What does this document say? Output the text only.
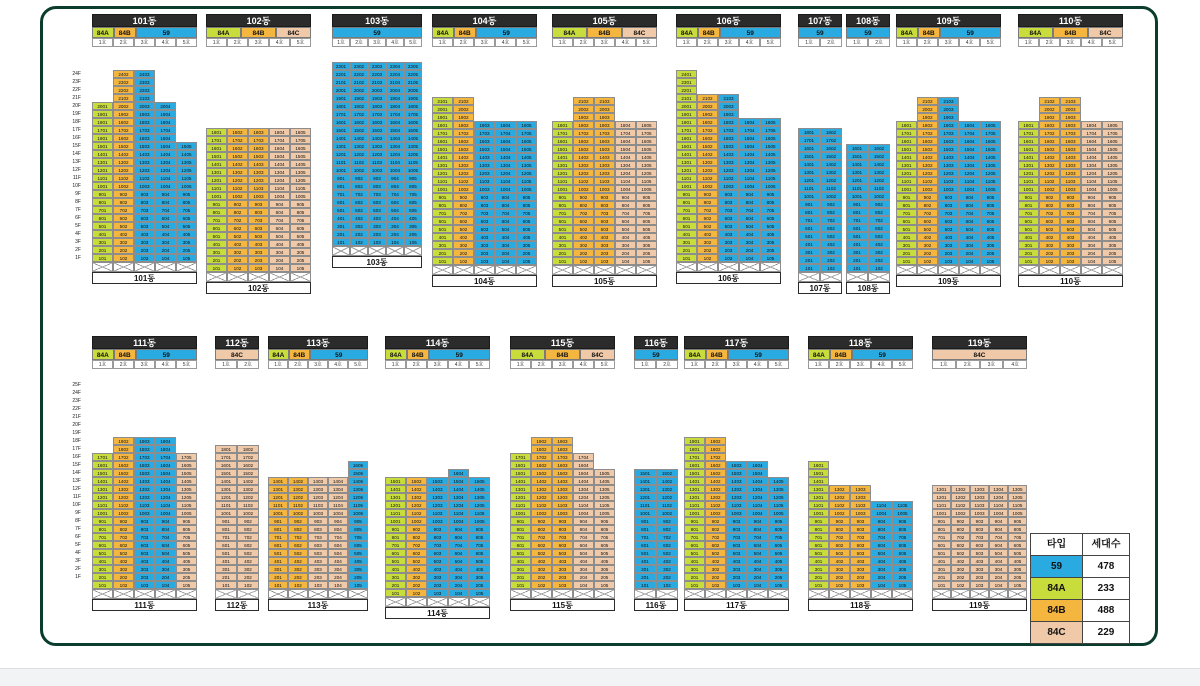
24F
23F
22F
21F
20F
19F
18F
17F
16F
15F
14F
13F
12F
11F
10F
9F
8F
7F
6F
5F
4F
3F
2F
1F
25F
24F
23F
22F
21F
20F
19F
18F
17F
16F
15F
14F
13F
12F
11F
10F
9F
8F
7F
6F
5F
4F
3F
2F
1F
101동
84A	84B	59
1호	2호	3호	4호	5호
2402	2403
2302	2303
2202	2203
2102	2103
2001	2002	2003	2004
1901	1902	1903	1904
1801	1802	1803	1804
1701	1702	1703	1704
1601	1602	1603	1604
1501	1502	1503	1504	1505
1401	1402	1403	1404	1405
1301	1302	1303	1304	1305
1201	1202	1203	1204	1205
1101	1102	1103	1104	1105
1001	1002	1003	1004	1005
901	902	903	904	905
801	802	803	804	805
701	702	703	704	705
601	602	603	604	605
501	502	503	504	505
401	402	403	404	405
301	302	303	304	305
201	202	203	204	205
101	102	103	104	105
101동
102동
84A	84B	84C
1호	2호	3호	4호	5호
1801	1802	1803	1804	1805
1701	1702	1703	1704	1705
1601	1602	1603	1604	1605
1501	1502	1503	1504	1505
1401	1402	1403	1404	1405
1301	1302	1303	1304	1305
1201	1202	1203	1204	1205
1101	1102	1103	1104	1105
1001	1002	1003	1004	1005
901	902	903	904	905
801	802	803	804	805
701	702	703	704	705
601	602	603	604	605
501	502	503	504	505
401	402	403	404	405
301	302	303	304	305
201	202	203	204	205
101	102	103	104	105
102동
103동
59
1호	2호	3호	4호	5호
2301	2302	2303	2304	2305
2201	2202	2203	2204	2205
2101	2102	2103	2104	2105
2001	2002	2003	2004	2005
1901	1902	1903	1904	1905
1801	1802	1803	1804	1805
1701	1702	1703	1704	1705
1601	1602	1603	1604	1605
1501	1502	1503	1504	1505
1401	1402	1403	1404	1405
1301	1302	1303	1304	1305
1201	1202	1203	1204	1205
1101	1102	1103	1104	1105
1001	1002	1003	1004	1005
901	902	903	904	905
801	802	803	804	805
701	702	703	704	705
601	602	603	604	605
501	502	503	504	505
401	402	403	404	405
301	302	303	304	305
201	202	203	204	205
101	102	103	104	105
103동
104동
84A	84B	59
1호	2호	3호	4호	5호
2101	2102
2001	2002
1901	1902
1801	1802	1803	1804	1805
1701	1702	1703	1704	1705
1601	1602	1603	1604	1605
1501	1502	1503	1504	1505
1401	1402	1403	1404	1405
1301	1302	1303	1304	1305
1201	1202	1203	1204	1205
1101	1102	1103	1104	1105
1001	1002	1003	1004	1005
901	902	903	904	905
801	802	803	804	805
701	702	703	704	705
601	602	603	604	605
501	502	503	504	505
401	402	403	404	405
301	302	303	304	305
201	202	203	204	205
101	102	103	104	105
104동
105동
84A	84B	84C
1호	2호	3호	4호	5호
2102	2103
2002	2003
1902	1903
1801	1802	1803	1804	1805
1701	1702	1703	1704	1705
1601	1602	1603	1604	1605
1501	1502	1503	1504	1505
1401	1402	1403	1404	1405
1301	1302	1303	1304	1305
1201	1202	1203	1204	1205
1101	1102	1103	1104	1105
1001	1002	1003	1004	1005
901	902	903	904	905
801	802	803	804	805
701	702	703	704	705
601	602	603	604	605
501	502	503	504	505
401	402	403	404	405
301	302	303	304	305
201	202	203	204	205
101	102	103	104	105
105동
106동
84A	84B	59
1호	2호	3호	4호	5호
2401
2301
2201
2101	2102	2103
2001	2002	2003
1901	1902	1903
1801	1802	1803	1804	1805
1701	1702	1703	1704	1705
1601	1602	1603	1604	1605
1501	1502	1503	1504	1505
1401	1402	1403	1404	1405
1301	1302	1303	1304	1305
1201	1202	1203	1204	1205
1101	1102	1103	1104	1105
1001	1002	1003	1004	1005
901	902	903	904	905
801	802	803	804	805
701	702	703	704	705
601	602	603	604	605
501	502	503	504	505
401	402	403	404	405
301	302	303	304	305
201	202	203	204	205
101	102	103	104	105
106동
107동
59
1호	2호
1801	1802
1701	1702
1601	1602
1501	1502
1401	1402
1301	1302
1201	1202
1101	1102
1001	1002
901	902
801	802
701	702
601	602
501	502
401	402
301	302
201	202
101	102
107동
108동
59
1호	2호
1601	1602
1501	1502
1401	1402
1301	1302
1201	1202
1101	1102
1001	1002
901	902
801	802
701	702
601	602
501	502
401	402
301	302
201	202
101	102
108동
109동
84A	84B	59
1호	2호	3호	4호	5호
2102	2103
2002	2003
1902	1903
1801	1802	1803	1804	1805
1701	1702	1703	1704	1705
1601	1602	1603	1604	1605
1501	1502	1503	1504	1505
1401	1402	1403	1404	1405
1301	1302	1303	1304	1305
1201	1202	1203	1204	1205
1101	1102	1103	1104	1105
1001	1002	1003	1004	1005
901	902	903	904	905
801	802	803	804	805
701	702	703	704	705
601	602	603	604	605
501	502	503	504	505
401	402	403	404	405
301	302	303	304	305
201	202	203	204	205
101	102	103	104	105
109동
110동
84A	84B	84C
1호	2호	3호	4호	5호
2102	2103
2002	2003
1902	1903
1801	1802	1803	1804	1805
1701	1702	1703	1704	1705
1601	1602	1603	1604	1605
1501	1502	1503	1504	1505
1401	1402	1403	1404	1405
1301	1302	1303	1304	1305
1201	1202	1203	1204	1205
1101	1102	1103	1104	1105
1001	1002	1003	1004	1005
901	902	903	904	905
801	802	803	804	805
701	702	703	704	705
601	602	603	604	605
501	502	503	504	505
401	402	403	404	405
301	302	303	304	305
201	202	203	204	205
101	102	103	104	105
110동
111동
84A	84B	59
1호	2호	3호	4호	5호
1902	1903	1904
1802	1803	1804
1701	1702	1703	1704	1705
1601	1602	1603	1604	1605
1501	1502	1503	1504	1505
1401	1402	1403	1404	1405
1301	1302	1303	1304	1305
1201	1202	1203	1204	1205
1101	1102	1103	1104	1105
1001	1002	1003	1004	1005
901	902	903	904	905
801	802	803	804	805
701	702	703	704	705
601	602	603	604	605
501	502	503	504	505
401	402	403	404	405
301	302	303	304	305
201	202	203	204	205
101	102	103	104	105
111동
112동
84C
1호	2호
1801	1802
1701	1702
1601	1602
1501	1502
1401	1402
1301	1302
1201	1202
1101	1102
1001	1002
901	902
801	802
701	702
601	602
501	502
401	402
301	302
201	202
101	102
112동
113동
84A	84B	59
1호	2호	3호	4호	5호
1605
1505
1401	1402	1403	1404	1405
1301	1302	1303	1304	1305
1201	1202	1203	1204	1205
1101	1102	1103	1104	1105
1001	1002	1003	1004	1005
901	902	903	904	905
801	802	803	804	805
701	702	703	704	705
601	602	603	604	605
501	502	503	504	505
401	402	403	404	405
301	302	303	304	305
201	202	203	204	205
101	102	103	104	105
113동
114동
84A	84B	59
1호	2호	3호	4호	5호
1604
1501	1502	1503	1504	1505
1401	1402	1403	1404	1405
1301	1302	1303	1304	1305
1201	1202	1203	1204	1205
1101	1102	1103	1104	1105
1001	1002	1003	1004	1005
901	902	903	904	905
801	802	803	804	805
701	702	703	704	705
601	602	603	604	605
501	502	503	504	505
401	402	403	404	405
301	302	303	304	305
201	202	203	204	205
101	102	103	104	105
114동
115동
84A	84B	84C
1호	2호	3호	4호	5호
1902	1903
1802	1803
1701	1702	1703	1704
1601	1602	1603	1604
1501	1502	1503	1504	1505
1401	1402	1403	1404	1405
1301	1302	1303	1304	1305
1201	1202	1203	1204	1205
1101	1102	1103	1104	1105
1001	1002	1003	1004	1005
901	902	903	904	905
801	802	803	804	805
701	702	703	704	705
601	602	603	604	605
501	502	503	504	505
401	402	403	404	405
301	302	303	304	305
201	202	203	204	205
101	102	103	104	105
115동
116동
59
1호	2호
1501	1502
1401	1402
1301	1302
1201	1202
1101	1102
1001	1002
901	902
801	802
701	702
601	602
501	502
401	402
301	302
201	202
101	102
116동
117동
84A	84B	59
1호	2호	3호	4호	5호
1901	1902
1801	1802
1701	1702
1601	1602	1603	1604
1501	1502	1503	1504
1401	1402	1403	1404	1405
1301	1302	1303	1304	1305
1201	1202	1203	1204	1205
1101	1102	1103	1104	1105
1001	1002	1003	1004	1005
901	902	903	904	905
801	802	803	804	805
701	702	703	704	705
601	602	603	604	605
501	502	503	504	505
401	402	403	404	405
301	302	303	304	305
201	202	203	204	205
101	102	103	104	105
117동
118동
84A	84B	59
1호	2호	3호	4호	5호
1601
1501
1401
1301	1302	1303
1201	1202	1203
1101	1102	1103	1104	1105
1001	1002	1003	1004	1005
901	902	903	904	905
801	802	803	804	805
701	702	703	704	705
601	602	603	604	605
501	502	503	504	505
401	402	403	404	405
301	302	303	304	305
201	202	203	204	205
101	102	103	104	105
118동
119동
84C
1호	2호	3호	4호
1301	1302	1303	1304	1305
1201	1202	1203	1204	1205
1101	1102	1103	1104	1105
1001	1002	1003	1004	1005
901	902	903	904	905
801	802	803	804	805
701	702	703	704	705
601	602	603	604	605
501	502	503	504	505
401	402	403	404	405
301	302	303	304	305
201	202	203	204	205
101	102	103	104	105
119동
타입	세대수
59	478
84A	233
84B	488
84C	229
